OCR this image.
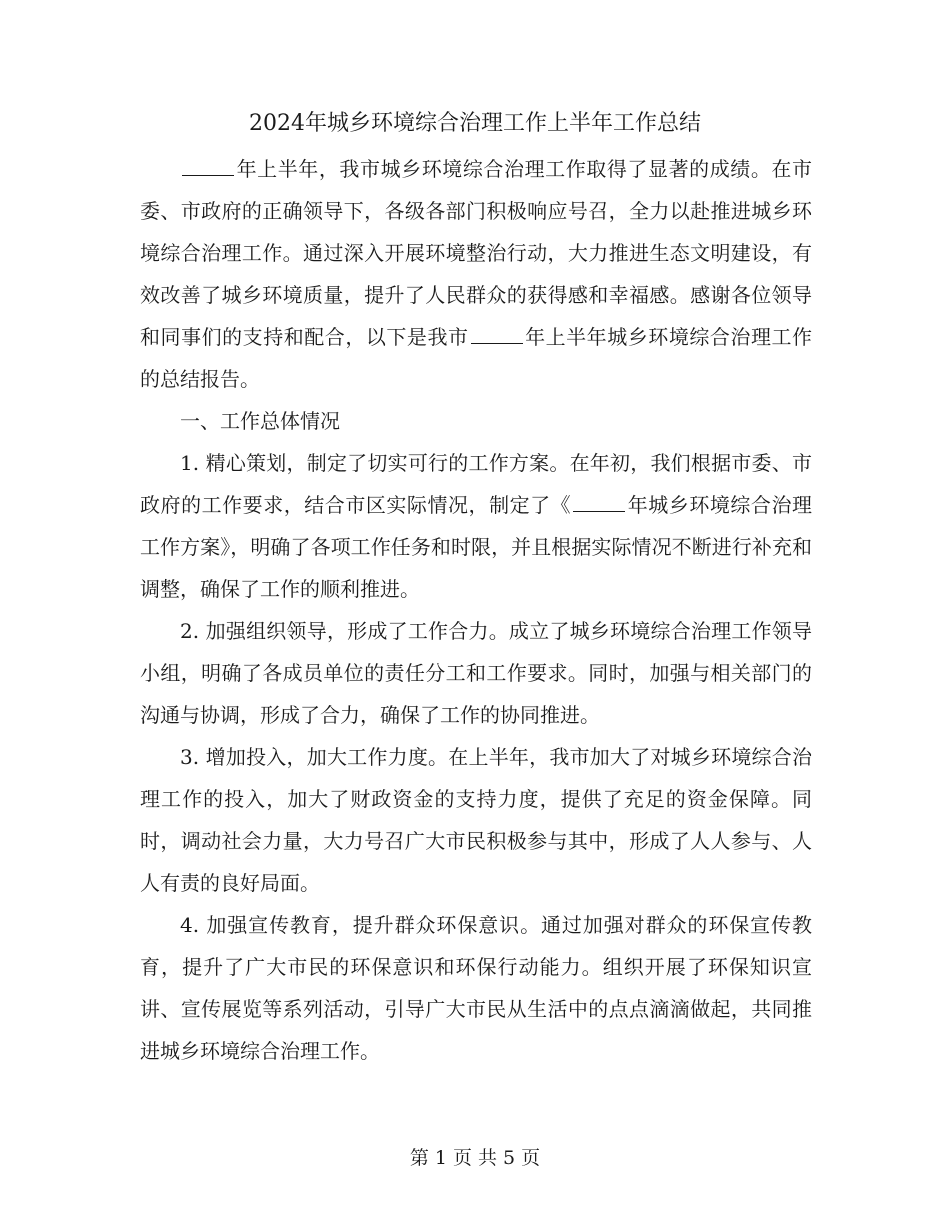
2024年城乡环境综合治理工作上半年工作总结

年上半年，我市城乡环境综合治理工作取得了显著的成绩。在市委、市政府的正确领导下，各级各部门积极响应号召，全力以赴推进城乡环境综合治理工作。通过深入开展环境整治行动，大力推进生态文明建设，有效改善了城乡环境质量，提升了人民群众的获得感和幸福感。感谢各位领导和同事们的支持和配合，以下是我市	年上半年城乡环境综合治理工作的总结报告。

一、工作总体情况

1. 精心策划，制定了切实可行的工作方案。在年初，我们根据市委、市政府的工作要求，结合市区实际情况，制定了《	年城乡环境综合治理工作方案》，明确了各项工作任务和时限，并且根据实际情况不断进行补充和调整，确保了工作的顺利推进。

2. 加强组织领导，形成了工作合力。成立了城乡环境综合治理工作领导小组，明确了各成员单位的责任分工和工作要求。同时，加强与相关部门的沟通与协调，形成了合力，确保了工作的协同推进。

3. 增加投入，加大工作力度。在上半年，我市加大了对城乡环境综合治理工作的投入，加大了财政资金的支持力度，提供了充足的资金保障。同时，调动社会力量，大力号召广大市民积极参与其中，形成了人人参与、人人有责的良好局面。

4. 加强宣传教育，提升群众环保意识。通过加强对群众的环保宣传教育，提升了广大市民的环保意识和环保行动能力。组织开展了环保知识宣讲、宣传展览等系列活动，引导广大市民从生活中的点点滴滴做起，共同推进城乡环境综合治理工作。

第 1 页 共 5 页
